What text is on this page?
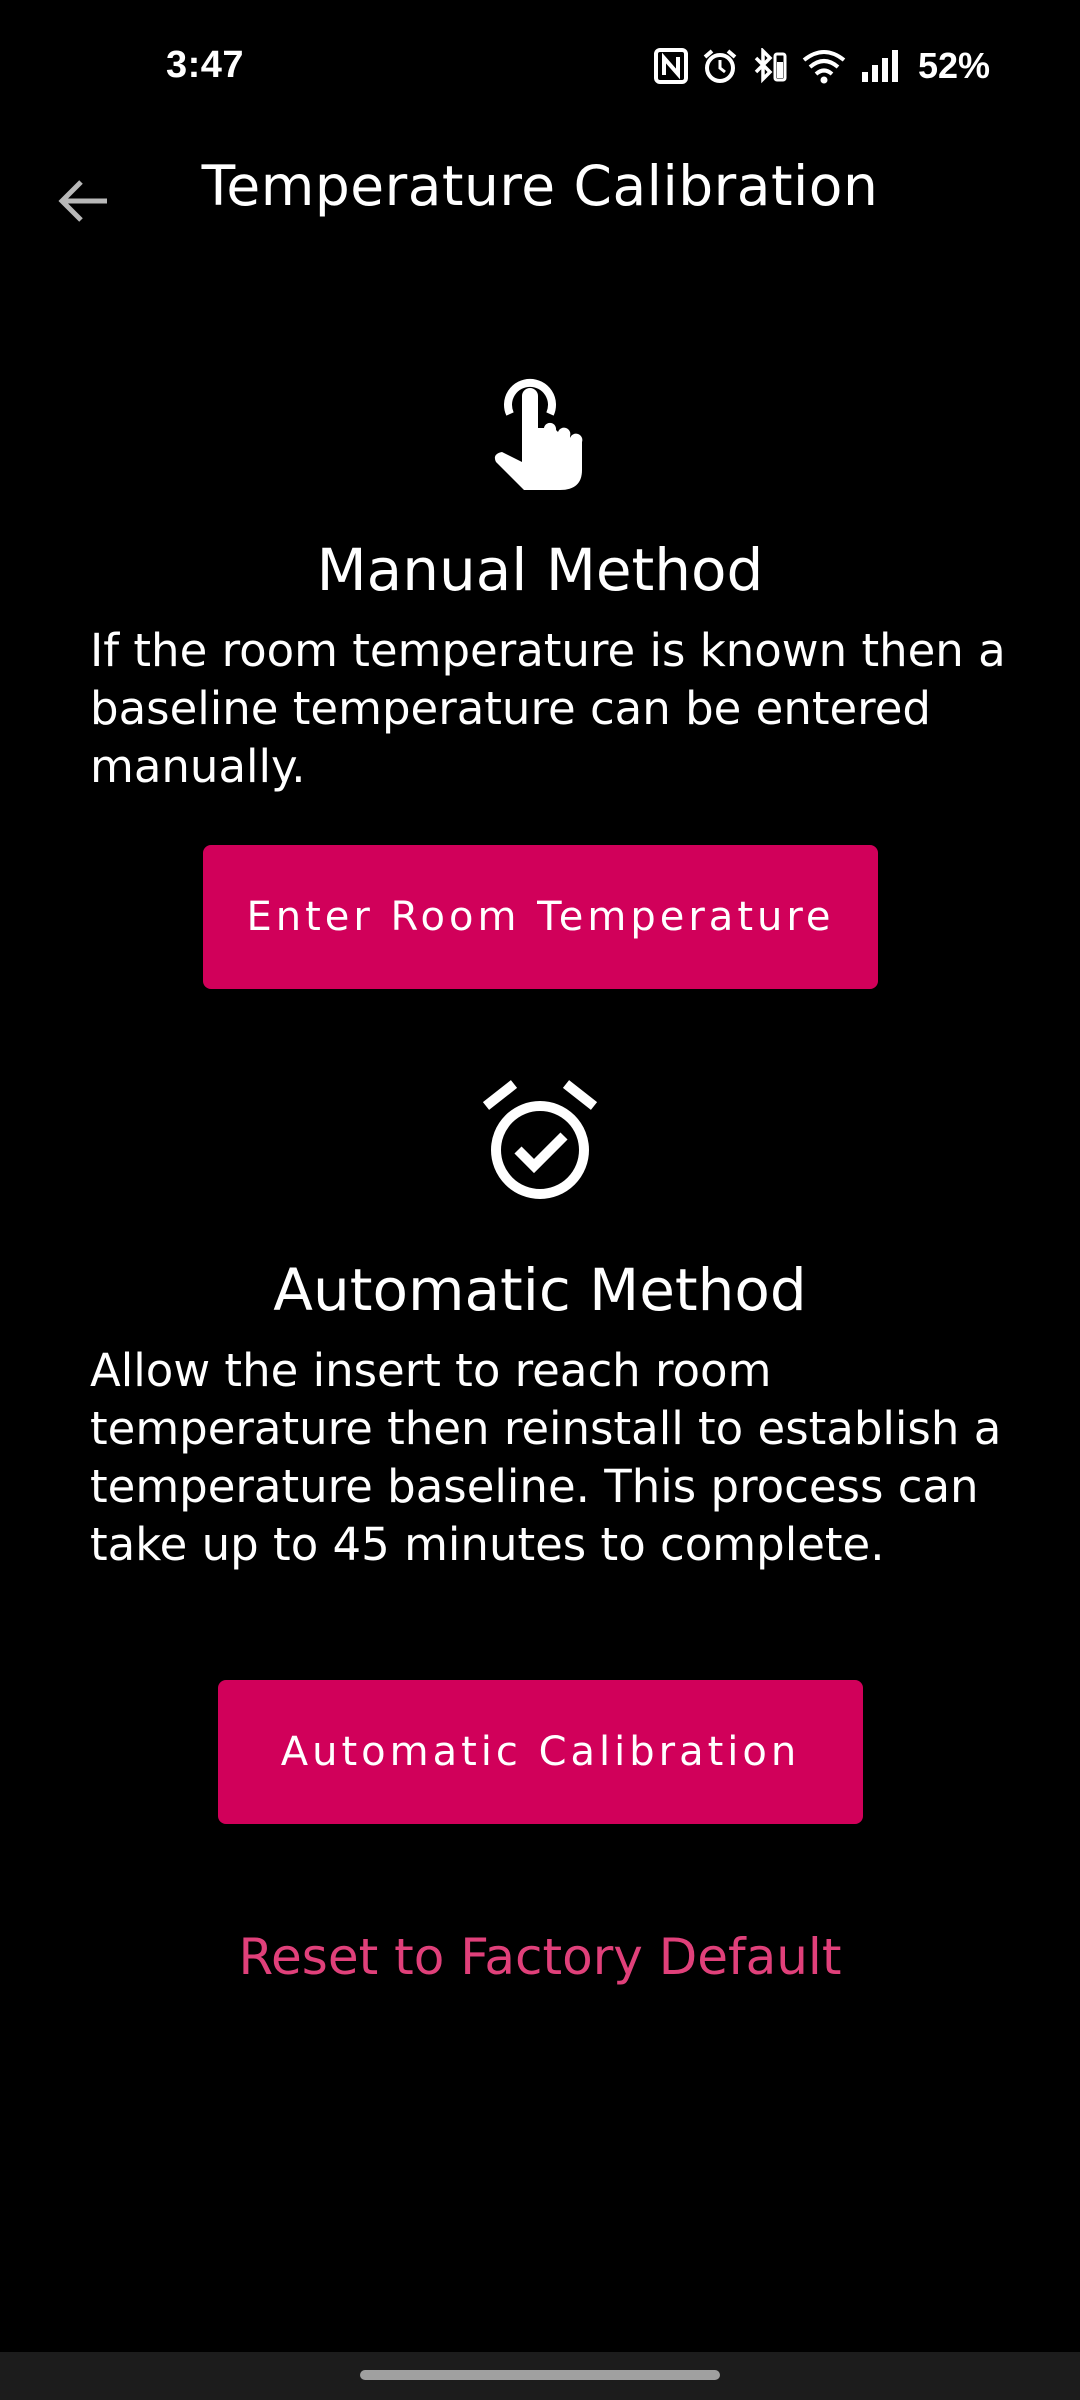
3:47	52%
Temperature Calibration
Manual Method

If the room temperature is known then a baseline temperature can be entered manually.

Enter Room Temperature
Automatic Method

Allow the insert to reach room temperature then reinstall to establish a temperature baseline. This process can take up to 45 minutes to complete.

Automatic Calibration
Reset to Factory Default
